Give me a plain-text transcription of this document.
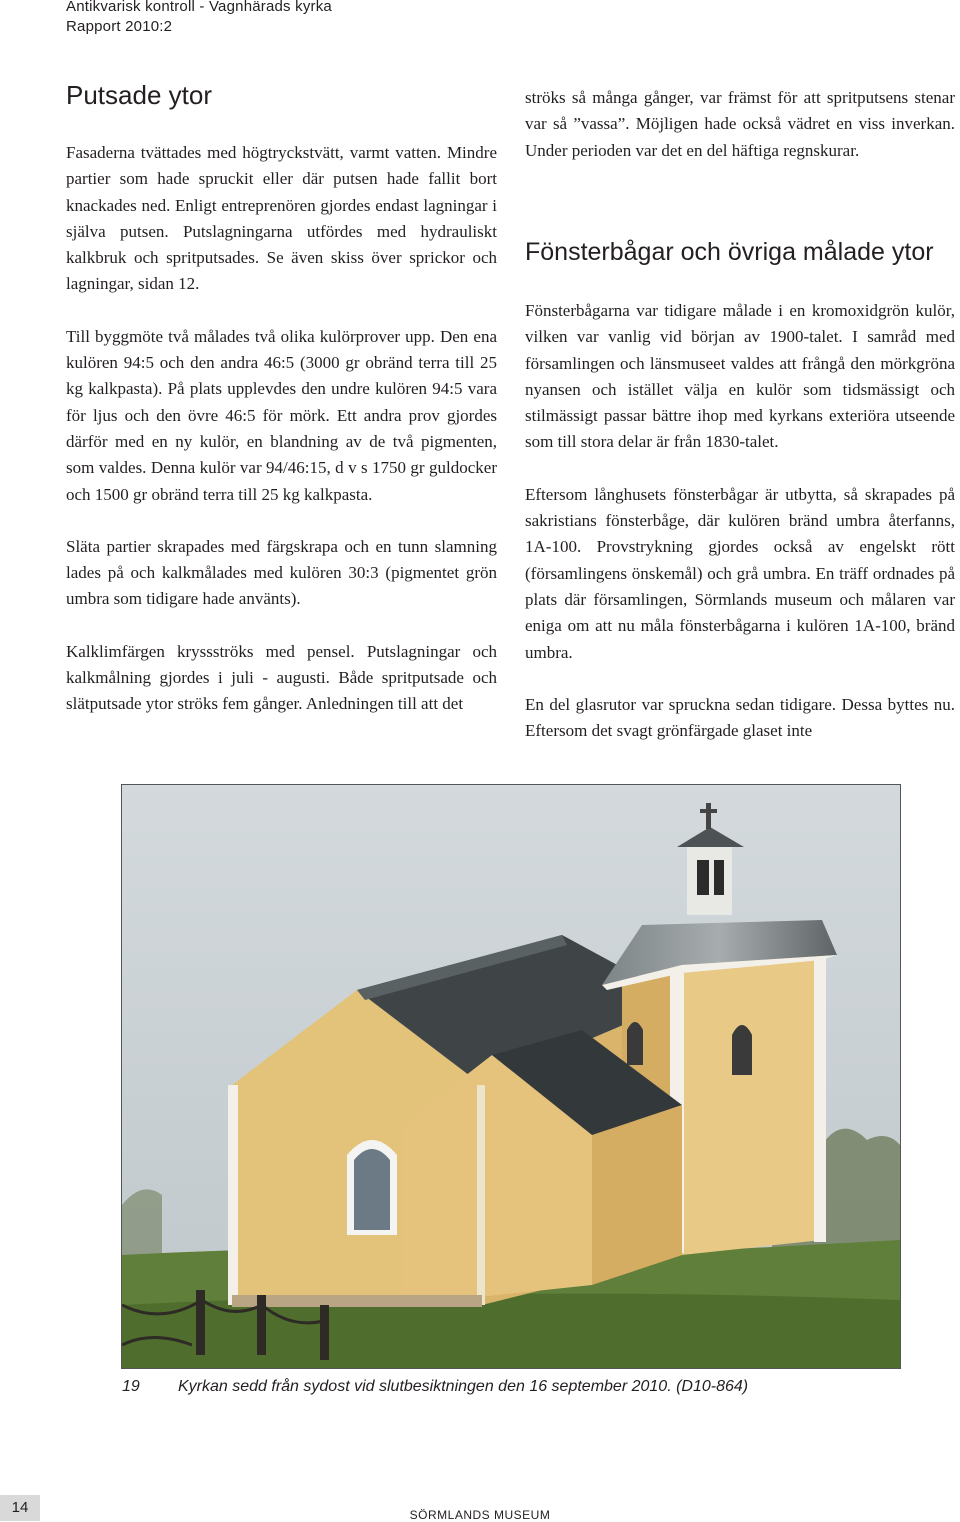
Antikvarisk kontroll - Vagnhärads kyrka
Rapport 2010:2
Putsade ytor

Fasaderna tvättades med högtryckstvätt, varmt vatten. Mindre partier som hade spruckit eller där putsen hade fallit bort knackades ned. Enligt entreprenören gjordes endast lagningar i själva putsen. Putslagningarna utfördes med hydrauliskt kalkbruk och spritputsades. Se även skiss över sprickor och lagningar, sidan 12.

Till byggmöte två målades två olika kulörprover upp. Den ena kulören 94:5 och den andra 46:5 (3000 gr obränd terra till 25 kg kalkpasta). På plats upplevdes den undre kulören 94:5 vara för ljus och den övre 46:5 för mörk. Ett andra prov gjordes därför med en ny kulör, en blandning av de två pigmenten, som valdes. Denna kulör var 94/46:15, d v s 1750 gr guldocker och 1500 gr obränd terra till 25 kg kalkpasta.

Släta partier skrapades med färgskrapa och en tunn slamning lades på och kalkmålades med kulören 30:3 (pigmentet grön umbra som tidigare hade använts).

Kalklimfärgen kryssströks med pensel. Putslagningar och kalkmålning gjordes i juli - augusti. Både spritputsade och slätputsade ytor ströks fem gånger. Anledningen till att det

ströks så många gånger, var främst för att spritputsens stenar var så ”vassa”. Möjligen hade också vädret en viss inverkan. Under perioden var det en del häftiga regnskurar.

Fönsterbågar och övriga målade ytor

Fönsterbågarna var tidigare målade i en kromoxidgrön kulör, vilken var vanlig vid början av 1900-talet. I samråd med församlingen och länsmuseet valdes att frångå den mörkgröna nyansen och istället välja en kulör som tidsmässigt och stilmässigt passar bättre ihop med kyrkans exteriöra utseende som till stora delar är från 1830-talet.

Eftersom långhusets fönsterbågar är utbytta, så skrapades på sakristians fönsterbåge, där kulören bränd umbra återfanns, 1A-100. Provstrykning gjordes också av engelskt rött (församlingens önskemål) och grå umbra. En träff ordnades på plats där församlingen, Sörmlands museum och målaren var eniga om att nu måla fönsterbågarna i kulören 1A-100, bränd umbra.

En del glasrutor var spruckna sedan tidigare. Dessa byttes nu. Eftersom det svagt grönfärgade glaset inte

19 Kyrkan sedd från sydost vid slutbesiktningen den 16 september 2010. (D10-864)
14	SÖRMLANDS MUSEUM
